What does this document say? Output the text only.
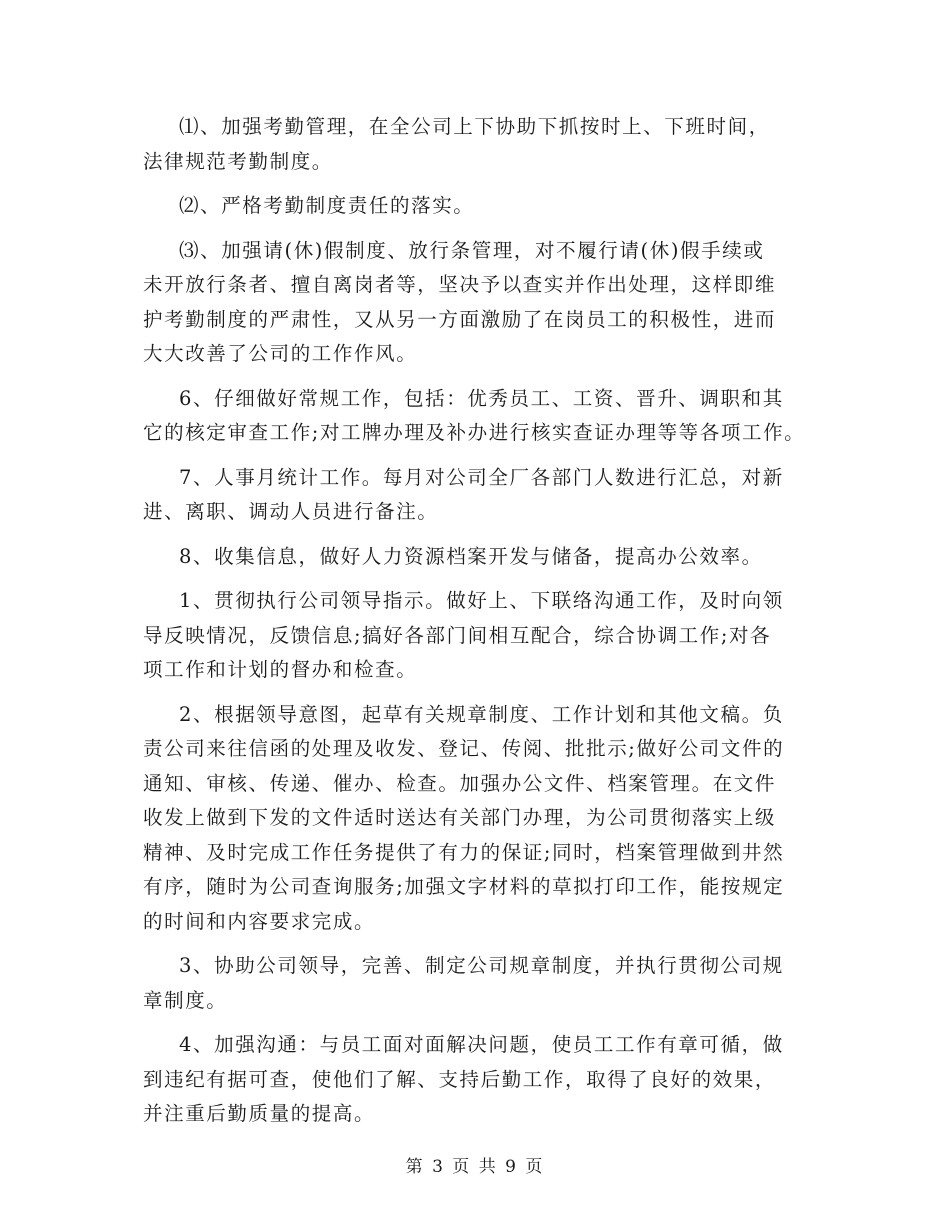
⑴、加强考勤管理，在全公司上下协助下抓按时上、下班时间，
法律规范考勤制度。
⑵、严格考勤制度责任的落实。
⑶、加强请(休)假制度、放行条管理，对不履行请(休)假手续或
未开放行条者、擅自离岗者等，坚决予以查实并作出处理，这样即维
护考勤制度的严肃性，又从另一方面激励了在岗员工的积极性，进而
大大改善了公司的工作作风。
6、仔细做好常规工作，包括：优秀员工、工资、晋升、调职和其
它的核定审查工作;对工牌办理及补办进行核实查证办理等等各项工作。
7、人事月统计工作。每月对公司全厂各部门人数进行汇总，对新
进、离职、调动人员进行备注。
8、收集信息，做好人力资源档案开发与储备，提高办公效率。
1、贯彻执行公司领导指示。做好上、下联络沟通工作，及时向领
导反映情况，反馈信息;搞好各部门间相互配合，综合协调工作;对各
项工作和计划的督办和检查。
2、根据领导意图，起草有关规章制度、工作计划和其他文稿。负
责公司来往信函的处理及收发、登记、传阅、批批示;做好公司文件的
通知、审核、传递、催办、检查。加强办公文件、档案管理。在文件
收发上做到下发的文件适时送达有关部门办理，为公司贯彻落实上级
精神、及时完成工作任务提供了有力的保证;同时，档案管理做到井然
有序，随时为公司查询服务;加强文字材料的草拟打印工作，能按规定
的时间和内容要求完成。
3、协助公司领导，完善、制定公司规章制度，并执行贯彻公司规
章制度。
4、加强沟通：与员工面对面解决问题，使员工工作有章可循，做
到违纪有据可查，使他们了解、支持后勤工作，取得了良好的效果，
并注重后勤质量的提高。
第 3 页 共 9 页
